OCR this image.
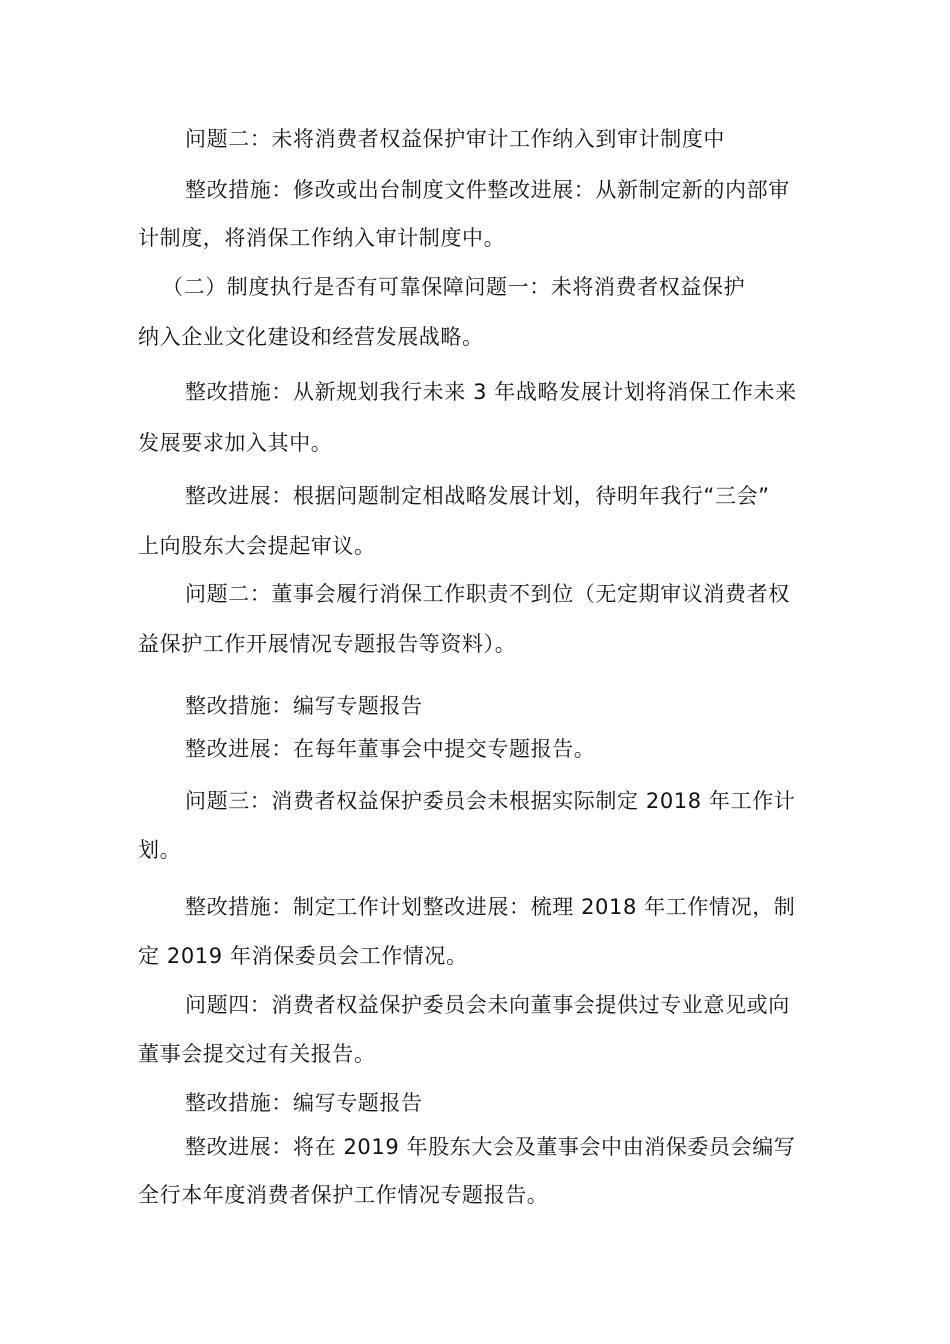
问题二：未将消费者权益保护审计工作纳入到审计制度中
整改措施：修改或出台制度文件整改进展：从新制定新的内部审
计制度，将消保工作纳入审计制度中。
（二）制度执行是否有可靠保障问题一：未将消费者权益保护
纳入企业文化建设和经营发展战略。
整改措施：从新规划我行未来 3 年战略发展计划将消保工作未来
发展要求加入其中。
整改进展：根据问题制定相战略发展计划，待明年我行“三会”
上向股东大会提起审议。
问题二：董事会履行消保工作职责不到位（无定期审议消费者权
益保护工作开展情况专题报告等资料）。
整改措施：编写专题报告
整改进展：在每年董事会中提交专题报告。
问题三：消费者权益保护委员会未根据实际制定 2018 年工作计
划。
整改措施：制定工作计划整改进展：梳理 2018 年工作情况，制
定 2019 年消保委员会工作情况。
问题四：消费者权益保护委员会未向董事会提供过专业意见或向
董事会提交过有关报告。
整改措施：编写专题报告
整改进展：将在 2019 年股东大会及董事会中由消保委员会编写
全行本年度消费者保护工作情况专题报告。
